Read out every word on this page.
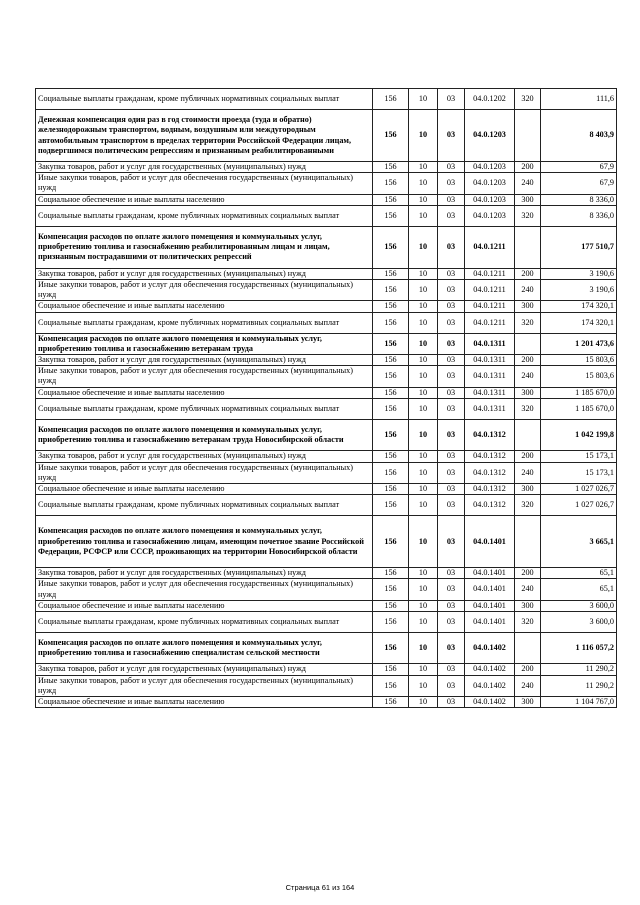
Социальные выплаты гражданам, кроме публичных нормативных социальных выплат	156	10	03	04.0.1202	320	111,6
Денежная компенсация один раз в год стоимости проезда (туда и обратно) железнодорожным транспортом, водным, воздушным или междугородным автомобильным транспортом в пределах территории Российской Федерации лицам, подвергшимся политическим репрессиям и признанным реабилитированными	156	10	03	04.0.1203		8 403,9
Закупка товаров, работ и услуг для государственных (муниципальных) нужд	156	10	03	04.0.1203	200	67,9
Иные закупки товаров, работ и услуг для обеспечения государственных (муниципальных) нужд	156	10	03	04.0.1203	240	67,9
Социальное обеспечение и иные выплаты населению	156	10	03	04.0.1203	300	8 336,0
Социальные выплаты гражданам, кроме публичных нормативных социальных выплат	156	10	03	04.0.1203	320	8 336,0
Компенсация расходов по оплате жилого помещения и коммунальных услуг, приобретению топлива и газоснабжению реабилитированным лицам и лицам, признанным пострадавшими от политических репрессий	156	10	03	04.0.1211		177 510,7
Закупка товаров, работ и услуг для государственных (муниципальных) нужд	156	10	03	04.0.1211	200	3 190,6
Иные закупки товаров, работ и услуг для обеспечения государственных (муниципальных) нужд	156	10	03	04.0.1211	240	3 190,6
Социальное обеспечение и иные выплаты населению	156	10	03	04.0.1211	300	174 320,1
Социальные выплаты гражданам, кроме публичных нормативных социальных выплат	156	10	03	04.0.1211	320	174 320,1
Компенсация расходов по оплате жилого помещения и коммунальных услуг, приобретению топлива и газоснабжению ветеранам труда	156	10	03	04.0.1311		1 201 473,6
Закупка товаров, работ и услуг для государственных (муниципальных) нужд	156	10	03	04.0.1311	200	15 803,6
Иные закупки товаров, работ и услуг для обеспечения государственных (муниципальных) нужд	156	10	03	04.0.1311	240	15 803,6
Социальное обеспечение и иные выплаты населению	156	10	03	04.0.1311	300	1 185 670,0
Социальные выплаты гражданам, кроме публичных нормативных социальных выплат	156	10	03	04.0.1311	320	1 185 670,0
Компенсация расходов по оплате жилого помещения и коммунальных услуг, приобретению топлива и газоснабжению ветеранам труда Новосибирской области	156	10	03	04.0.1312		1 042 199,8
Закупка товаров, работ и услуг для государственных (муниципальных) нужд	156	10	03	04.0.1312	200	15 173,1
Иные закупки товаров, работ и услуг для обеспечения государственных (муниципальных) нужд	156	10	03	04.0.1312	240	15 173,1
Социальное обеспечение и иные выплаты населению	156	10	03	04.0.1312	300	1 027 026,7
Социальные выплаты гражданам, кроме публичных нормативных социальных выплат	156	10	03	04.0.1312	320	1 027 026,7
Компенсация расходов по оплате жилого помещения и коммунальных услуг, приобретению топлива и газоснабжению лицам, имеющим почетное звание Российской Федерации, РСФСР или СССР, проживающих на территории Новосибирской области	156	10	03	04.0.1401		3 665,1
Закупка товаров, работ и услуг для государственных (муниципальных) нужд	156	10	03	04.0.1401	200	65,1
Иные закупки товаров, работ и услуг для обеспечения государственных (муниципальных) нужд	156	10	03	04.0.1401	240	65,1
Социальное обеспечение и иные выплаты населению	156	10	03	04.0.1401	300	3 600,0
Социальные выплаты гражданам, кроме публичных нормативных социальных выплат	156	10	03	04.0.1401	320	3 600,0
Компенсация расходов по оплате жилого помещения и коммунальных услуг, приобретению топлива и газоснабжению специалистам сельской местности	156	10	03	04.0.1402		1 116 057,2
Закупка товаров, работ и услуг для государственных (муниципальных) нужд	156	10	03	04.0.1402	200	11 290,2
Иные закупки товаров, работ и услуг для обеспечения государственных (муниципальных) нужд	156	10	03	04.0.1402	240	11 290,2
Социальное обеспечение и иные выплаты населению	156	10	03	04.0.1402	300	1 104 767,0
Страница 61 из 164
